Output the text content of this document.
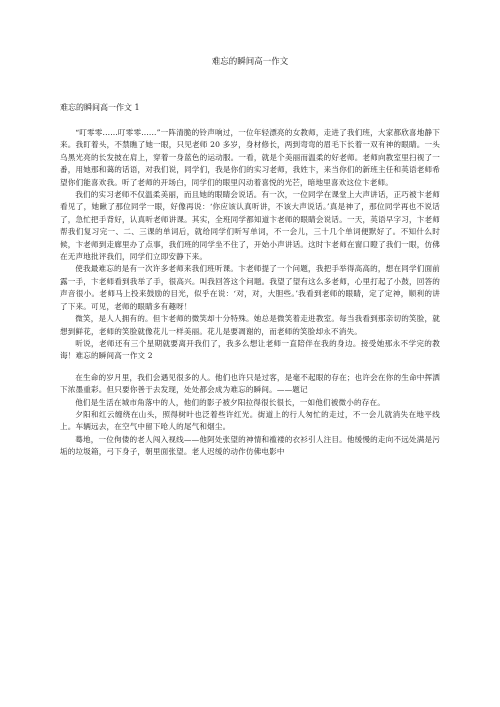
难忘的瞬间高一作文
难忘的瞬间高一作文 1

“叮零零......叮零零......”一阵清脆的铃声响过，一位年轻漂亮的女教师，走进了我们班，大家都欣喜地静下来。我盯着头，不禁瞧了她一眼，只见老师 20 多岁，身材修长，两到弯弯的眉毛下长着一双有神的眼睛。一头乌黑光亮的长发披在肩上，穿着一身蓝色的运动服。一看，就是个美丽而温柔的好老师。老师向教室里扫视了一番，用她那和蔼的话语，对我们说，同学们，我是你们的实习老师，我姓卞，来当你们的新班主任和英语老师希望你们能喜欢我。听了老师的开场白，同学们的眼里闪动着喜悦的光芒，暗地里喜欢这位卞老师。

我们的实习老师不仅温柔美丽，而且她的眼睛会说话。有一次，一位同学在课堂上大声讲话，正巧被卞老师看见了，她瞅了那位同学一眼，好像再说：‘你应该认真听讲，不该大声说话。’真是神了，那位同学再也不说话了，急忙把手背好，认真听老师讲课。其实，全班同学都知道卞老师的眼睛会说话。一天，英语早字习，卞老师帮我们复习完一、二、三课的单词后，就给同学们听写单词，不一会儿，三十几个单词便默好了。不知什么时候，卞老师到走廊里办了点事，我们班的同学坐不住了，开始小声讲话。这时卞老师在窗口瞪了我们一眼，仿佛在无声地批评我们，同学们立即安静下来。

使我最难忘的是有一次许多老师来我们班听课。卞老师提了一个问题，我把手举得高高的，想在同学们面前露一手，卞老师看到我举了手，很高兴。叫我回答这个问题。我望了望有这么多老师，心里打起了小鼓，回答的声音很小。老师马上投来鼓励的目光，似乎在说：‘对，对，大胆些。’我看到老师的眼睛，定了定神，顺利的讲了下来。可见，老师的眼睛多有趣呀！

微笑，是人人拥有的。但卞老师的微笑却十分特殊。她总是微笑着走进教室。每当我看到那亲切的笑脸，就想到鲜花，老师的笑脸就像花儿一样美丽。花儿是要凋谢的，而老师的笑脸却永不消失。

听说，老师还有三个星期就要离开我们了，我多么想让老师一直陪伴在我的身边。接受她那永不学完的教诲！难忘的瞬间高一作文 2

在生命的岁月里，我们会遇见很多的人。他们也许只是过客，是毫不起眼的存在；也许会在你的生命中挥洒下浓墨重彩。但只要你善于去发现，处处都会成为难忘的瞬间。——题记

他们是生活在城市角落中的人，他们的影子被夕阳拉得很长很长，一如他们被微小的存在。

夕阳和红云缠绕在山头，照得树叶也泛着些许红光。街道上的行人匆忙的走过，不一会儿就消失在地平线上。车辆远去，在空气中留下呛人的尾气和烟尘。

蓦地，一位佝偻的老人闯入视线——他阿处张望的神情和褴褛的衣衫引人注目。他缓慢的走向不远处满是污垢的垃圾箱，弓下身子，朝里面张望。老人迟缓的动作仿佛电影中
